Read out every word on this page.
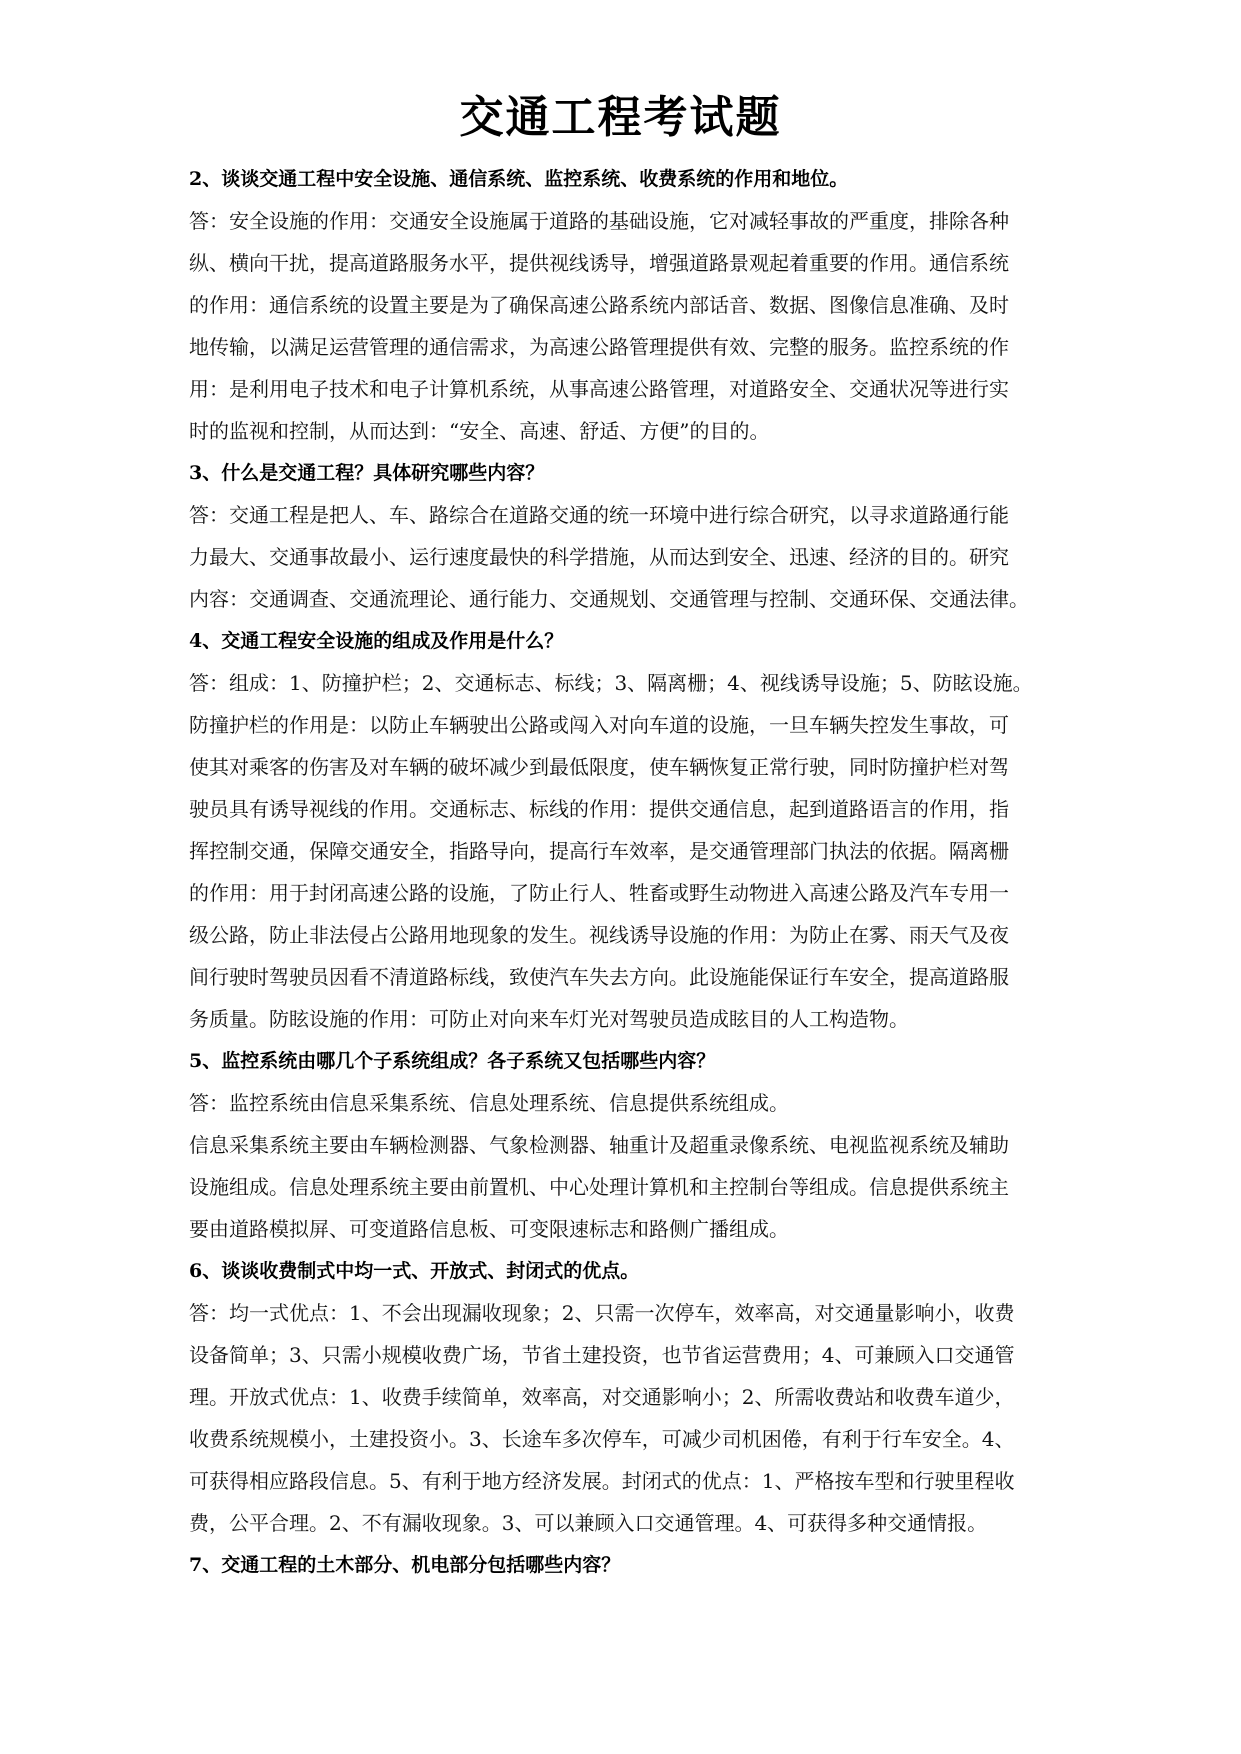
交通工程考试题
2、谈谈交通工程中安全设施、通信系统、监控系统、收费系统的作用和地位。
答：安全设施的作用：交通安全设施属于道路的基础设施，它对减轻事故的严重度，排除各种
纵、横向干扰，提高道路服务水平，提供视线诱导，增强道路景观起着重要的作用。通信系统
的作用：通信系统的设置主要是为了确保高速公路系统内部话音、数据、图像信息准确、及时
地传输，以满足运营管理的通信需求，为高速公路管理提供有效、完整的服务。监控系统的作
用：是利用电子技术和电子计算机系统，从事高速公路管理，对道路安全、交通状况等进行实
时的监视和控制，从而达到：“安全、高速、舒适、方便”的目的。
3、什么是交通工程？具体研究哪些内容？
答：交通工程是把人、车、路综合在道路交通的统一环境中进行综合研究，以寻求道路通行能
力最大、交通事故最小、运行速度最快的科学措施，从而达到安全、迅速、经济的目的。研究
内容：交通调查、交通流理论、通行能力、交通规划、交通管理与控制、交通环保、交通法律。
4、交通工程安全设施的组成及作用是什么？
答：组成：1、防撞护栏；2、交通标志、标线；3、隔离栅；4、视线诱导设施；5、防眩设施。
防撞护栏的作用是：以防止车辆驶出公路或闯入对向车道的设施，一旦车辆失控发生事故，可
使其对乘客的伤害及对车辆的破坏减少到最低限度，使车辆恢复正常行驶，同时防撞护栏对驾
驶员具有诱导视线的作用。交通标志、标线的作用：提供交通信息，起到道路语言的作用，指
挥控制交通，保障交通安全，指路导向，提高行车效率，是交通管理部门执法的依据。隔离栅
的作用：用于封闭高速公路的设施，了防止行人、牲畜或野生动物进入高速公路及汽车专用一
级公路，防止非法侵占公路用地现象的发生。视线诱导设施的作用：为防止在雾、雨天气及夜
间行驶时驾驶员因看不清道路标线，致使汽车失去方向。此设施能保证行车安全，提高道路服
务质量。防眩设施的作用：可防止对向来车灯光对驾驶员造成眩目的人工构造物。
5、监控系统由哪几个子系统组成？各子系统又包括哪些内容？
答：监控系统由信息采集系统、信息处理系统、信息提供系统组成。
信息采集系统主要由车辆检测器、气象检测器、轴重计及超重录像系统、电视监视系统及辅助
设施组成。信息处理系统主要由前置机、中心处理计算机和主控制台等组成。信息提供系统主
要由道路模拟屏、可变道路信息板、可变限速标志和路侧广播组成。
6、谈谈收费制式中均一式、开放式、封闭式的优点。
答：均一式优点：1、不会出现漏收现象；2、只需一次停车，效率高，对交通量影响小，收费
设备简单；3、只需小规模收费广场，节省土建投资，也节省运营费用；4、可兼顾入口交通管
理。开放式优点：1、收费手续简单，效率高，对交通影响小；2、所需收费站和收费车道少，
收费系统规模小，土建投资小。3、长途车多次停车，可减少司机困倦，有利于行车安全。4、
可获得相应路段信息。5、有利于地方经济发展。封闭式的优点：1、严格按车型和行驶里程收
费，公平合理。2、不有漏收现象。3、可以兼顾入口交通管理。4、可获得多种交通情报。
7、交通工程的土木部分、机电部分包括哪些内容？
